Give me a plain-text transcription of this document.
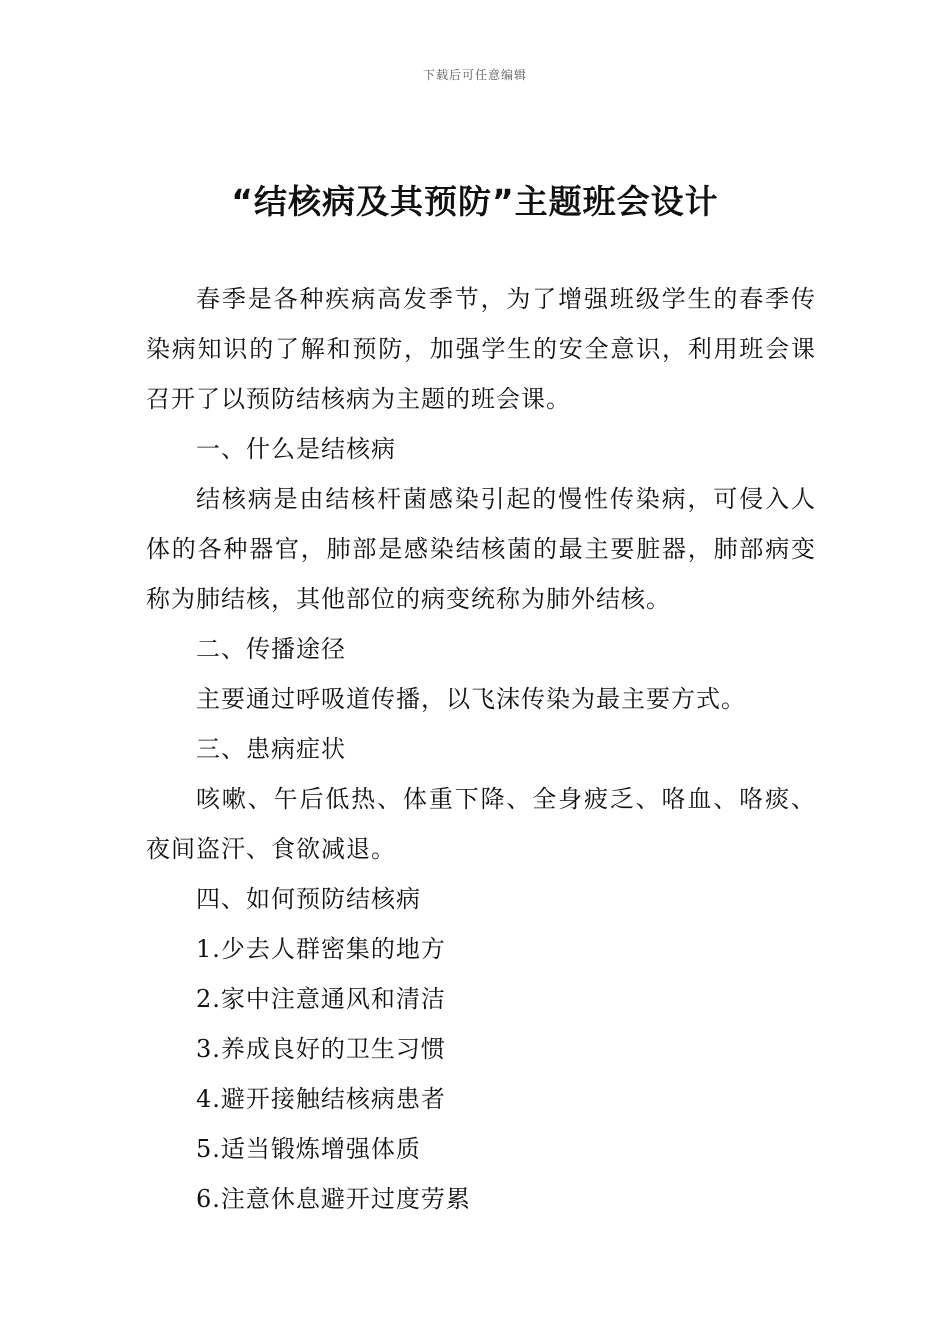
下载后可任意编辑
“结核病及其预防”主题班会设计

春季是各种疾病高发季节，为了增强班级学生的春季传染病知识的了解和预防，加强学生的安全意识，利用班会课召开了以预防结核病为主题的班会课。

一、什么是结核病

结核病是由结核杆菌感染引起的慢性传染病，可侵入人体的各种器官，肺部是感染结核菌的最主要脏器，肺部病变称为肺结核，其他部位的病变统称为肺外结核。

二、传播途径

主要通过呼吸道传播，以飞沫传染为最主要方式。

三、患病症状

咳嗽、午后低热、体重下降、全身疲乏、咯血、咯痰、夜间盗汗、食欲减退。

四、如何预防结核病

1.少去人群密集的地方

2.家中注意通风和清洁

3.养成良好的卫生习惯

4.避开接触结核病患者

5.适当锻炼增强体质

6.注意休息避开过度劳累
